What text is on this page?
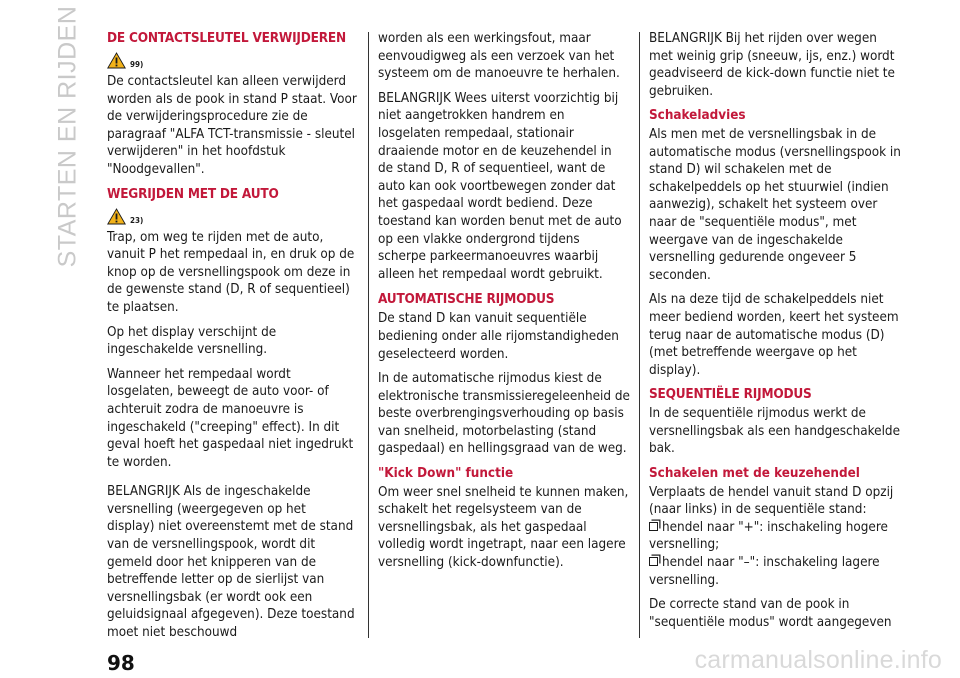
STARTEN EN RIJDEN DE CONTACTSLEUTEL VERWIJDEREN
99)

De contactsleutel kan alleen verwijderd worden als de pook in stand P staat. Voor de verwijderingsprocedure zie de paragraaf "ALFA TCT-transmissie - sleutel verwijderen" in het hoofdstuk "Noodgevallen".

WEGRIJDEN MET DE AUTO
23)

Trap, om weg te rijden met de auto, vanuit P het rempedaal in, en druk op de knop op de versnellingspook om deze in de gewenste stand (D, R of sequentieel) te plaatsen.

Op het display verschijnt de ingeschakelde versnelling.

Wanneer het rempedaal wordt losgelaten, beweegt de auto voor- of achteruit zodra de manoeuvre is ingeschakeld ("creeping" effect). In dit geval hoeft het gaspedaal niet ingedrukt te worden.

BELANGRIJK Als de ingeschakelde versnelling (weergegeven op het display) niet overeenstemt met de stand van de versnellingspook, wordt dit gemeld door het knipperen van de betreffende letter op de sierlijst van versnellingsbak (er wordt ook een geluidsignaal afgegeven). Deze toestand moet niet beschouwd

worden als een werkingsfout, maar eenvoudigweg als een verzoek van het systeem om de manoeuvre te herhalen.

BELANGRIJK Wees uiterst voorzichtig bij niet aangetrokken handrem en losgelaten rempedaal, stationair draaiende motor en de keuzehendel in de stand D, R of sequentieel, want de auto kan ook voortbewegen zonder dat het gaspedaal wordt bediend. Deze toestand kan worden benut met de auto op een vlakke ondergrond tijdens scherpe parkeermanoeuvres waarbij alleen het rempedaal wordt gebruikt.

AUTOMATISCHE RIJMODUS

De stand D kan vanuit sequentiële bediening onder alle rijomstandigheden geselecteerd worden.

In de automatische rijmodus kiest de elektronische transmissieregeleenheid de beste overbrengingsverhouding op basis van snelheid, motorbelasting (stand gaspedaal) en hellingsgraad van de weg.

"Kick Down" functie

Om weer snel snelheid te kunnen maken, schakelt het regelsysteem van de versnellingsbak, als het gaspedaal volledig wordt ingetrapt, naar een lagere versnelling (kick-downfunctie).

BELANGRIJK Bij het rijden over wegen met weinig grip (sneeuw, ijs, enz.) wordt geadviseerd de kick-down functie niet te gebruiken.

Schakeladvies

Als men met de versnellingsbak in de automatische modus (versnellingspook in stand D) wil schakelen met de schakelpeddels op het stuurwiel (indien aanwezig), schakelt het systeem over naar de "sequentiële modus", met weergave van de ingeschakelde versnelling gedurende ongeveer 5 seconden.

Als na deze tijd de schakelpeddels niet meer bediend worden, keert het systeem terug naar de automatische modus (D) (met betreffende weergave op het display).

SEQUENTIËLE RIJMODUS

In de sequentiële rijmodus werkt de versnellingsbak als een handgeschakelde bak.

Schakelen met de keuzehendel

Verplaats de hendel vanuit stand D opzij (naar links) in de sequentiële stand:

hendel naar "+": inschakeling hogere versnelling;

hendel naar "–": inschakeling lagere versnelling.

De correcte stand van de pook in "sequentiële modus" wordt aangegeven

98	carmanualsonline.info
